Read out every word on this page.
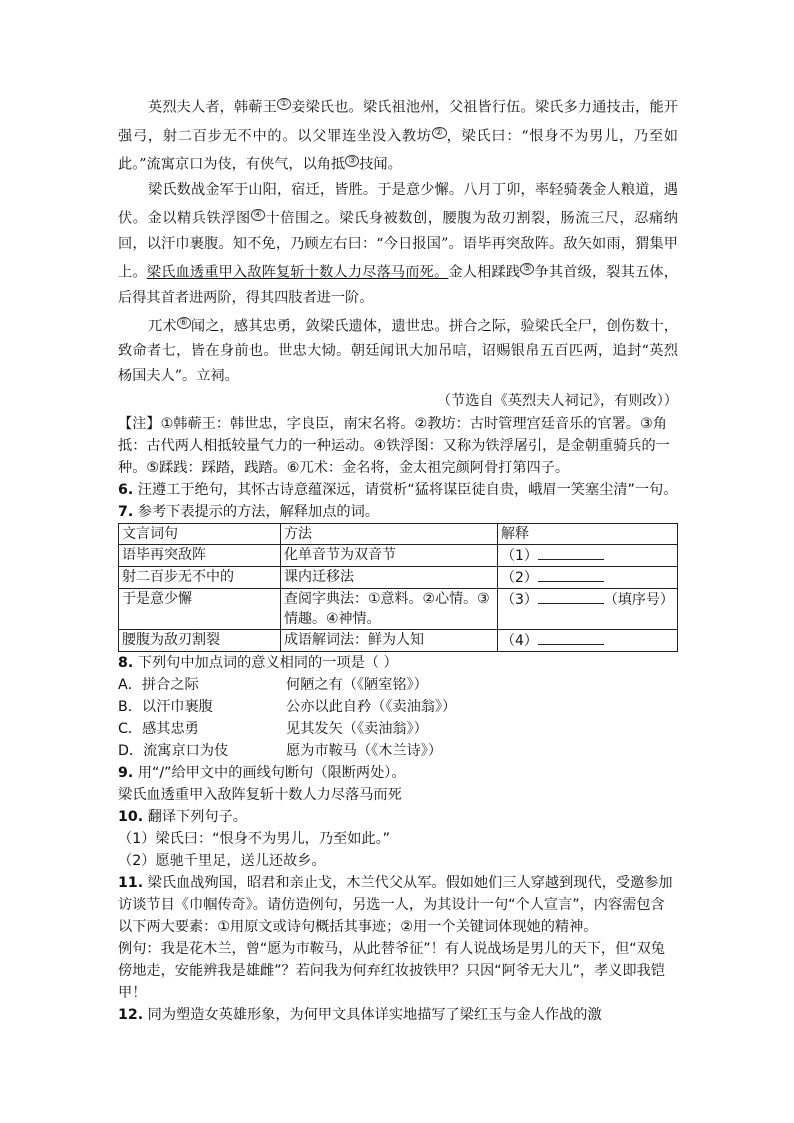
英烈夫人者，韩蕲王 ① 妾梁氏也。梁氏祖池州，父祖皆行伍。梁氏多力通技击，能开强弓，射二百步无不中的。以父罪连坐没入教坊 ② ，梁氏曰：“恨身不为男儿，乃至如此。”流寓京口为伎，有侠气，以角抵 ③ 技闻。

梁氏数战金军于山阳，宿迁，皆胜。于是意少懈。八月丁卯，率轻骑袭金人粮道，遇伏。金以精兵铁浮图 ④ 十倍围之。梁氏身被数创，腰腹为敌刃割裂，肠流三尺，忍痛纳回，以汗巾裹腹。知不免，乃顾左右曰：“今日报国”。语毕再突敌阵。敌矢如雨，猬集甲上。梁氏血透重甲入敌阵复斩十数人力尽落马而死。金人相蹂践 ⑤ 争其首级，裂其五体，后得其首者进两阶，得其四肢者进一阶。

兀术 ⑥ 闻之，感其忠勇，敛梁氏遗体，遗世忠。拼合之际，验梁氏全尸，创伤数十，致命者七，皆在身前也。世忠大恸。朝廷闻讯大加吊唁，诏赐银帛五百匹两，追封“英烈杨国夫人”。立祠。

（节选自《英烈夫人祠记》，有则改））
【注】①韩蕲王：韩世忠，字良臣，南宋名将。②教坊：古时管理宫廷音乐的官署。③角抵：古代两人相抵较量气力的一种运动。④铁浮图：又称为铁浮屠引，是金朝重骑兵的一种。⑤蹂践：踩踏，践踏。⑥兀术：金名将，金太祖完颜阿骨打第四子。

6. 汪遵工于绝句，其怀古诗意蕴深远，请赏析“猛将谋臣徒自贵，峨眉一笑塞尘清”一句。

7. 参考下表提示的方法，解释加点的词。

文言词句	方法	解释
语毕再突敌阵	化单音节为双音节	（1）
射二百步无不中的	课内迁移法	（2）
于是意少懈	查阅字典法：①意料。②心情。③情趣。④神情。	（3） （填序号）
腰腹为敌刃割裂	成语解词法：鲜为人知	（4）

8. 下列句中加点词的意义相同的一项是（ ）

A．拼合之际	何陋之有（《陋室铭》）
B．以汗巾裹腹	公亦以此自矜（《卖油翁》）
C．感其忠勇	见其发矢（《卖油翁》）
D．流寓京口为伎	愿为市鞍马（《木兰诗》）

9. 用“/”给甲文中的画线句断句（限断两处）。

梁氏血透重甲入敌阵复斩十数人力尽落马而死

10. 翻译下列句子。

（1）梁氏曰：“恨身不为男儿，乃至如此。”

（2）愿驰千里足，送儿还故乡。

11. 梁氏血战殉国，昭君和亲止戈，木兰代父从军。假如她们三人穿越到现代，受邀参加访谈节目《巾帼传奇》。请仿造例句，另选一人，为其设计一句“个人宣言”，内容需包含以下两大要素：①用原文或诗句概括其事迹；②用一个关键词体现她的精神。

例句：我是花木兰，曾“愿为市鞍马，从此替爷征”！有人说战场是男儿的天下，但“双兔傍地走，安能辨我是雄雌”？若问我为何弃红妆披铁甲？只因“阿爷无大儿”，孝义即我铠甲！

12. 同为塑造女英雄形象，为何甲文具体详实地描写了梁红玉与金人作战的激
